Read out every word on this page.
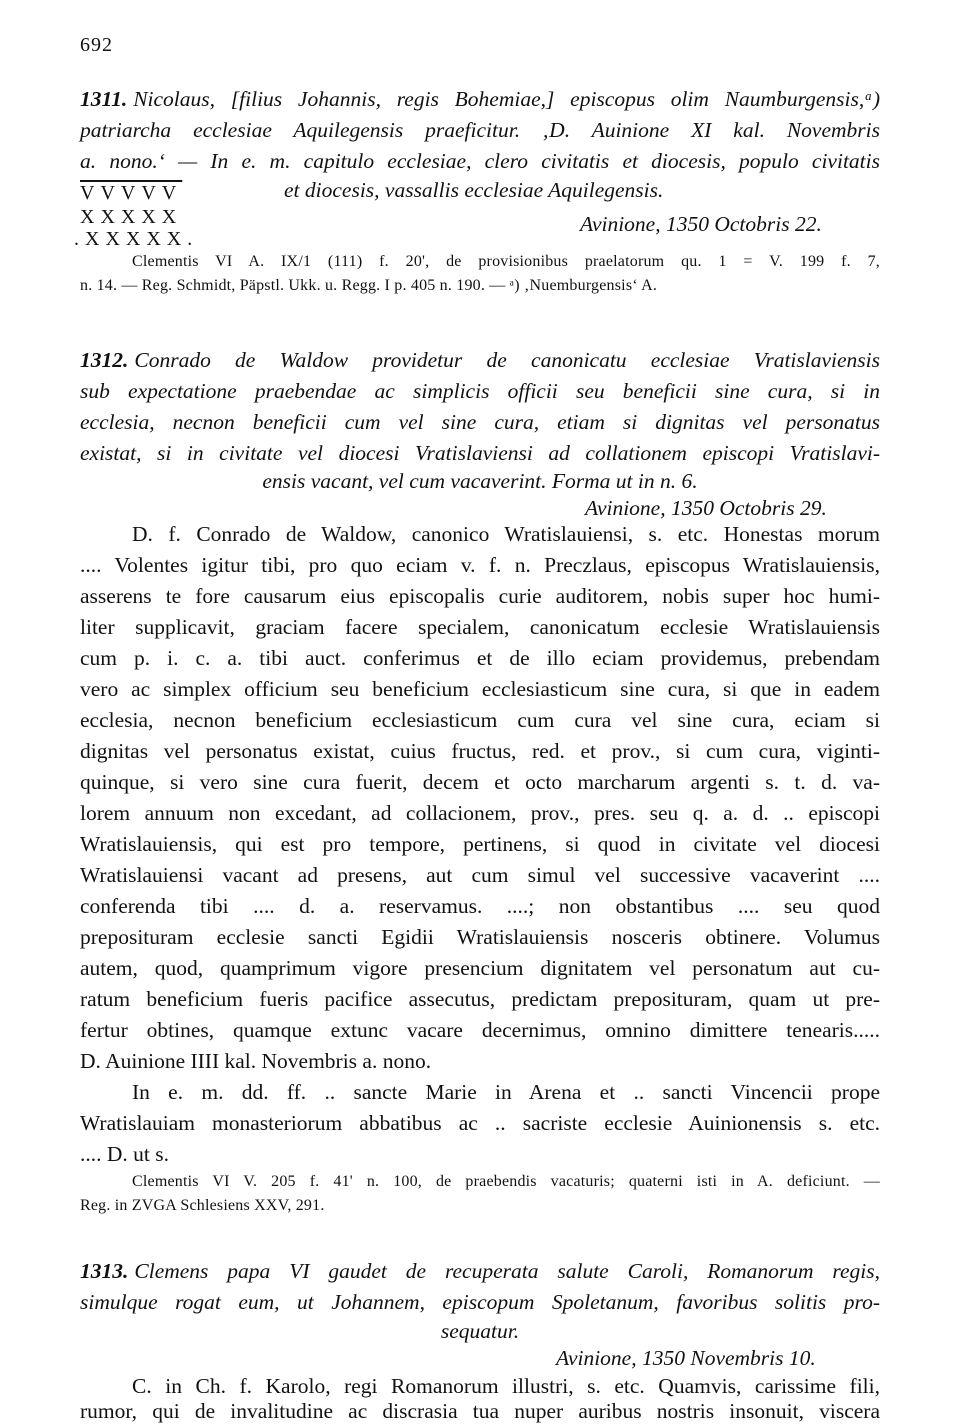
692
1311. Nicolaus, [filius Johannis, regis Bohemiae,] episcopus olim Naumburgensis,ᵃ)
patriarcha ecclesiae Aquilegensis praeficitur. ‚D. Auinione XI kal. Novembris
a. nono.‘ — In e. m. capitulo ecclesiae, clero civitatis et diocesis, populo civitatis
VVVVV	et diocesis, vassallis ecclesiae Aquilegensis.
XXXXX
.XXXXX.
Avinione, 1350 Octobris 22.
Clementis VI A. IX/1 (111) f. 20', de provisionibus praelatorum qu. 1 = V. 199 f. 7,
n. 14. — Reg. Schmidt, Päpstl. Ukk. u. Regg. I p. 405 n. 190. — ᵃ) ‚Nuemburgensis‘ A.
1312. Conrado de Waldow providetur de canonicatu ecclesiae Vratislaviensis
sub expectatione praebendae ac simplicis officii seu beneficii sine cura, si in
ecclesia, necnon beneficii cum vel sine cura, etiam si dignitas vel personatus
existat, si in civitate vel diocesi Vratislaviensi ad collationem episcopi Vratislavi-
ensis vacant, vel cum vacaverint. Forma ut in n. 6.
Avinione, 1350 Octobris 29.
D. f. Conrado de Waldow, canonico Wratislauiensi, s. etc. Honestas morum
.... Volentes igitur tibi, pro quo eciam v. f. n. Preczlaus, episcopus Wratislauiensis,
asserens te fore causarum eius episcopalis curie auditorem, nobis super hoc humi-
liter supplicavit, graciam facere specialem, canonicatum ecclesie Wratislauiensis
cum p. i. c. a. tibi auct. conferimus et de illo eciam providemus, prebendam
vero ac simplex officium seu beneficium ecclesiasticum sine cura, si que in eadem
ecclesia, necnon beneficium ecclesiasticum cum cura vel sine cura, eciam si
dignitas vel personatus existat, cuius fructus, red. et prov., si cum cura, viginti-
quinque, si vero sine cura fuerit, decem et octo marcharum argenti s. t. d. va-
lorem annuum non excedant, ad collacionem, prov., pres. seu q. a. d. .. episcopi
Wratislauiensis, qui est pro tempore, pertinens, si quod in civitate vel diocesi
Wratislauiensi vacant ad presens, aut cum simul vel successive vacaverint ....
conferenda tibi .... d. a. reservamus. ....; non obstantibus .... seu quod
preposituram ecclesie sancti Egidii Wratislauiensis nosceris obtinere. Volumus
autem, quod, quamprimum vigore presencium dignitatem vel personatum aut cu-
ratum beneficium fueris pacifice assecutus, predictam preposituram, quam ut pre-
fertur obtines, quamque extunc vacare decernimus, omnino dimittere tenearis.....
D. Auinione IIII kal. Novembris a. nono.
In e. m. dd. ff. .. sancte Marie in Arena et .. sancti Vincencii prope
Wratislauiam monasteriorum abbatibus ac .. sacriste ecclesie Auinionensis s. etc.
.... D. ut s.
Clementis VI V. 205 f. 41' n. 100, de praebendis vacaturis; quaterni isti in A. deficiunt. —
Reg. in ZVGA Schlesiens XXV, 291.
1313. Clemens papa VI gaudet de recuperata salute Caroli, Romanorum regis,
simulque rogat eum, ut Johannem, episcopum Spoletanum, favoribus solitis pro-
sequatur.
Avinione, 1350 Novembris 10.
C. in Ch. f. Karolo, regi Romanorum illustri, s. etc. Quamvis, carissime fili,
rumor, qui de invalitudine ac discrasia tua nuper auribus nostris insonuit, viscera
